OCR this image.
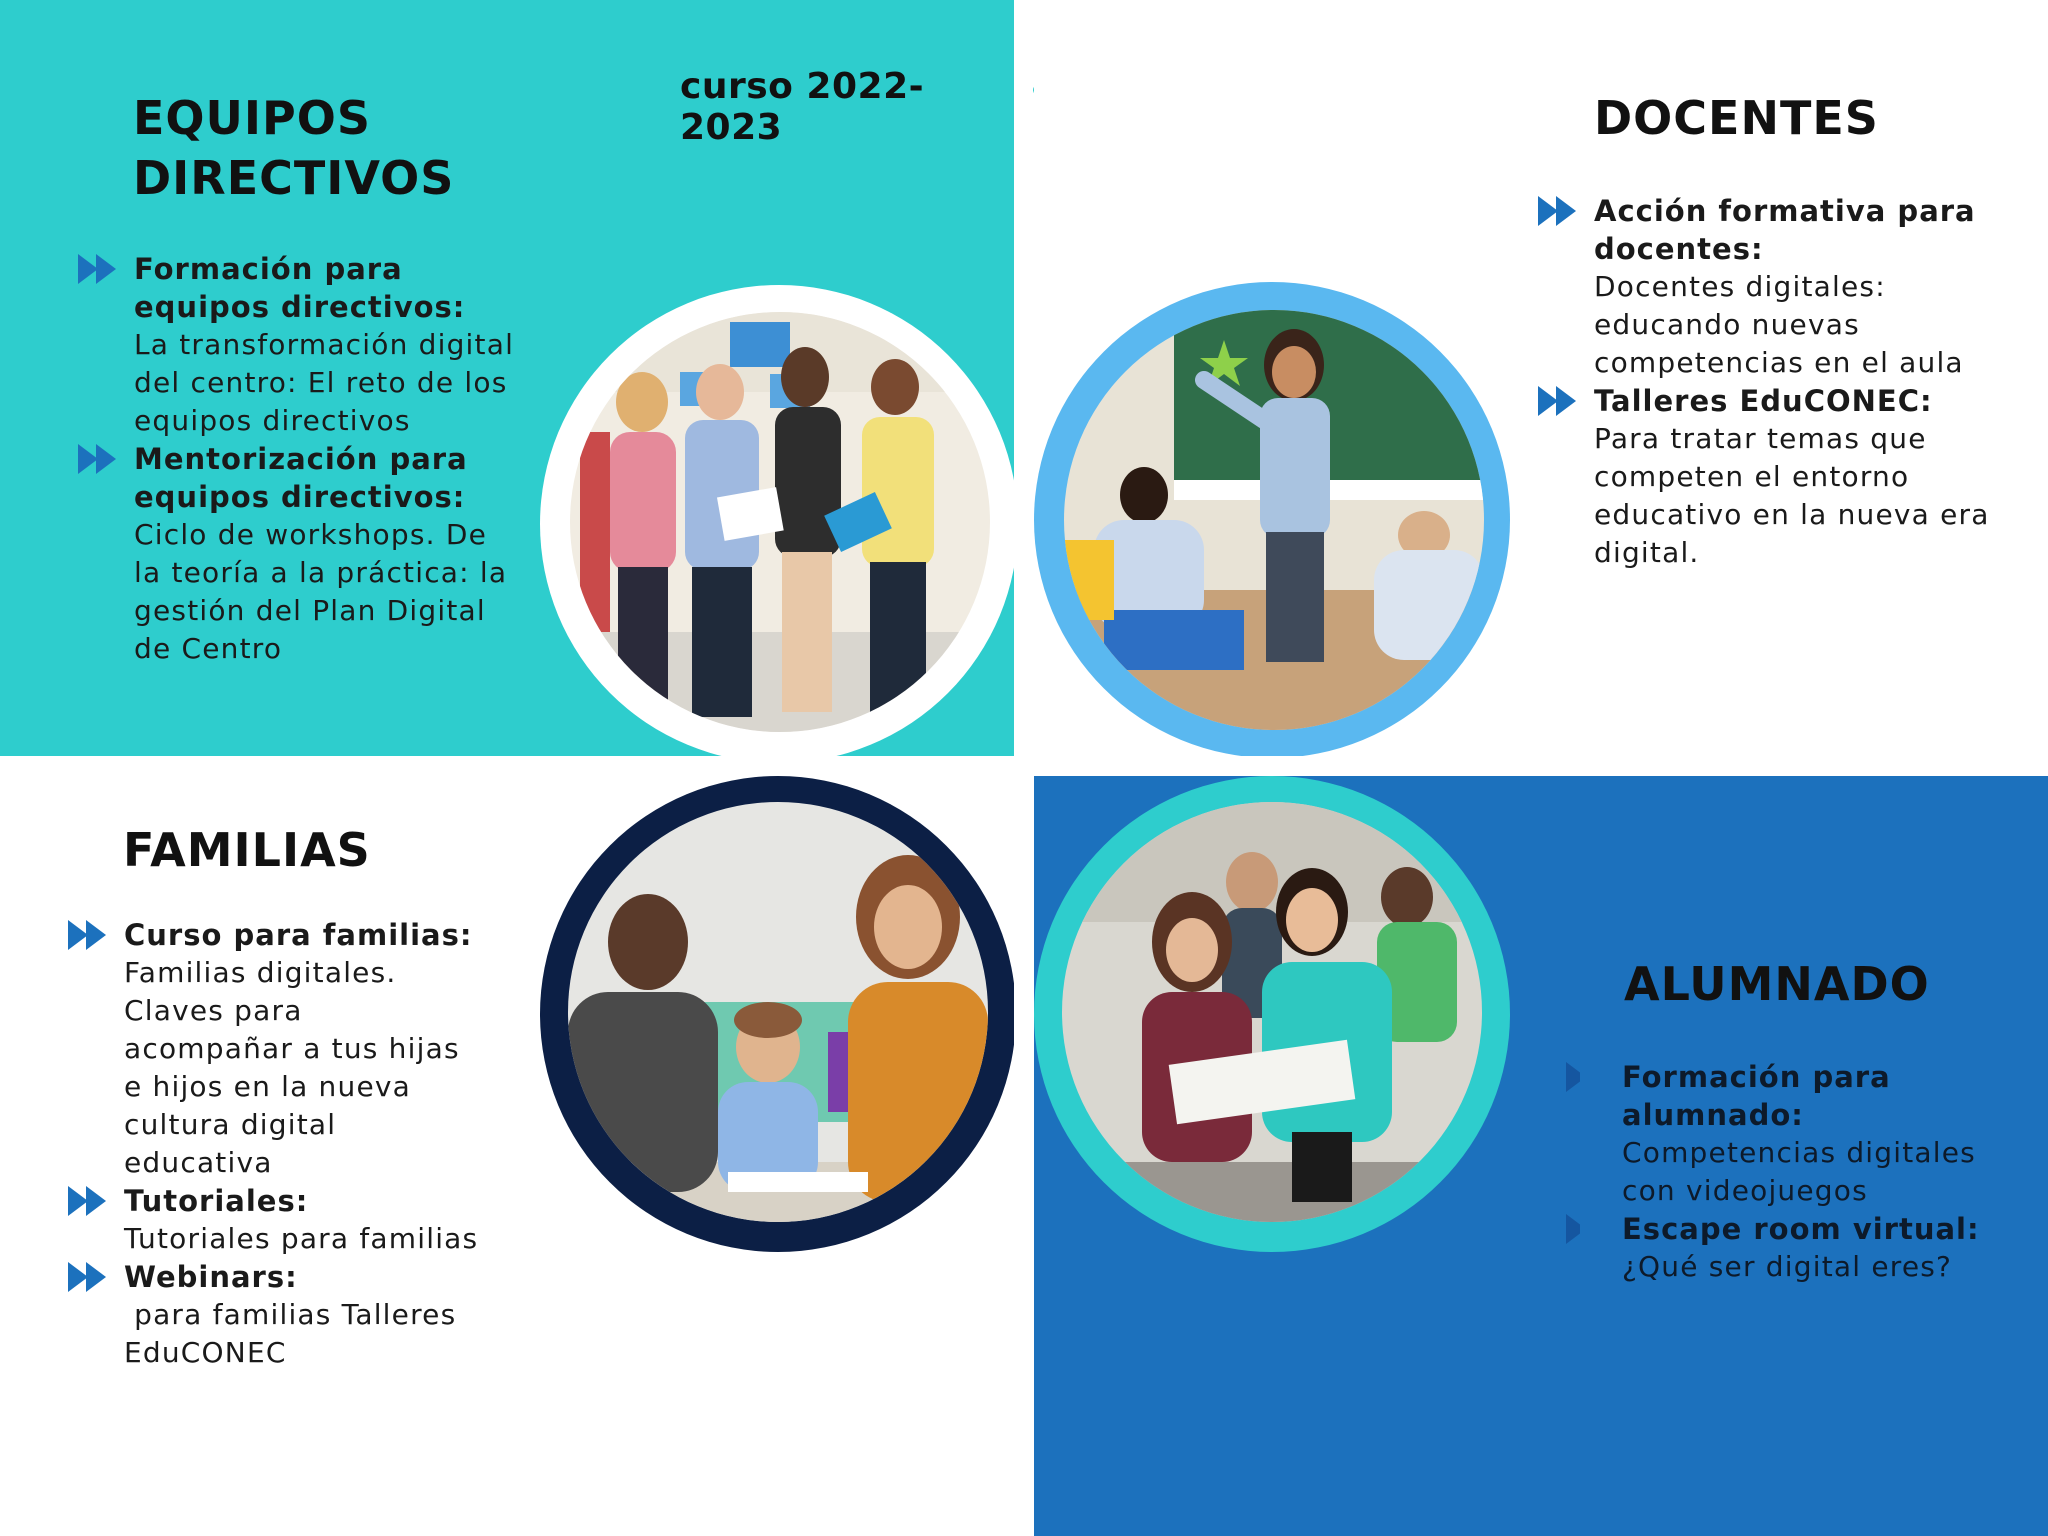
curso 2022-2023
EQUIPOS
DIRECTIVOS
Formación para
equipos directivos:
La transformación digital
del centro: El reto de los
equipos directivos
Mentorización para
equipos directivos:
Ciclo de workshops. De
la teoría a la práctica: la
gestión del Plan Digital
de Centro
DOCENTES
Acción formativa para
docentes:
Docentes digitales:
educando nuevas
competencias en el aula
Talleres EduCONEC:
Para tratar temas que
competen el entorno
educativo en la nueva era
digital.
FAMILIAS
Curso para familias:
Familias digitales.
Claves para
acompañar a tus hijas
e hijos en la nueva
cultura digital
educativa
Tutoriales:
Tutoriales para familias
Webinars:
para familias Talleres
EduCONEC
ALUMNADO
Formación para
alumnado:
Competencias digitales
con videojuegos
Escape room virtual:
¿Qué ser digital eres?
